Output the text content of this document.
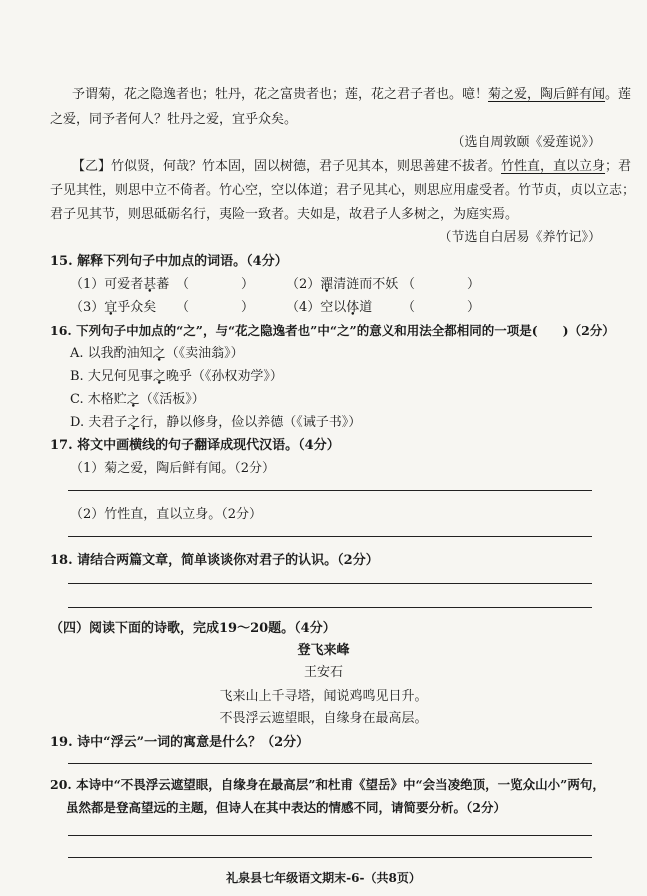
予谓菊，花之隐逸者也；牡丹，花之富贵者也；莲，花之君子者也。噫！菊之爱，陶后鲜有闻。莲
之爱，同予者何人？牡丹之爱，宜乎众矣。
（选自周敦颐《爱莲说》）
【乙】竹似贤，何哉？竹本固，固以树德，君子见其本，则思善建不拔者。竹性直，直以立身；君
子见其性，则思中立不倚者。竹心空，空以体道；君子见其心，则思应用虚受者。竹节贞，贞以立志；
君子见其节，则思砥砺名行，夷险一致者。夫如是，故君子人多树之，为庭实焉。
（节选自白居易《养竹记》）
15. 解释下列句子中加点的词语。（4分）
（1）可爱者甚蕃 （　　　　） （2）濯清涟而不妖 （　　　　）
（3）宜乎众矣 （　　　　） （4）空以体道 （　　　　）
16. 下列句子中加点的“之”，与“花之隐逸者也”中“之”的意义和用法全都相同的一项是(　　)（2分）
A. 以我酌油知之（《卖油翁》）
B. 大兄何见事之晚乎（《孙权劝学》）
C. 木格贮之（《活板》）
D. 夫君子之行，静以修身，俭以养德（《诫子书》）
17. 将文中画横线的句子翻译成现代汉语。（4分）
（1）菊之爱，陶后鲜有闻。（2分）
（2）竹性直，直以立身。（2分）
18. 请结合两篇文章，简单谈谈你对君子的认识。（2分）
（四）阅读下面的诗歌，完成19～20题。（4分）
登飞来峰
王安石
飞来山上千寻塔，闻说鸡鸣见日升。
不畏浮云遮望眼，自缘身在最高层。
19. 诗中“浮云”一词的寓意是什么？（2分）
20. 本诗中“不畏浮云遮望眼，自缘身在最高层”和杜甫《望岳》中“会当凌绝顶，一览众山小”两句，
虽然都是登高望远的主题，但诗人在其中表达的情感不同，请简要分析。（2分）
礼泉县七年级语文期末-6-（共8页）
